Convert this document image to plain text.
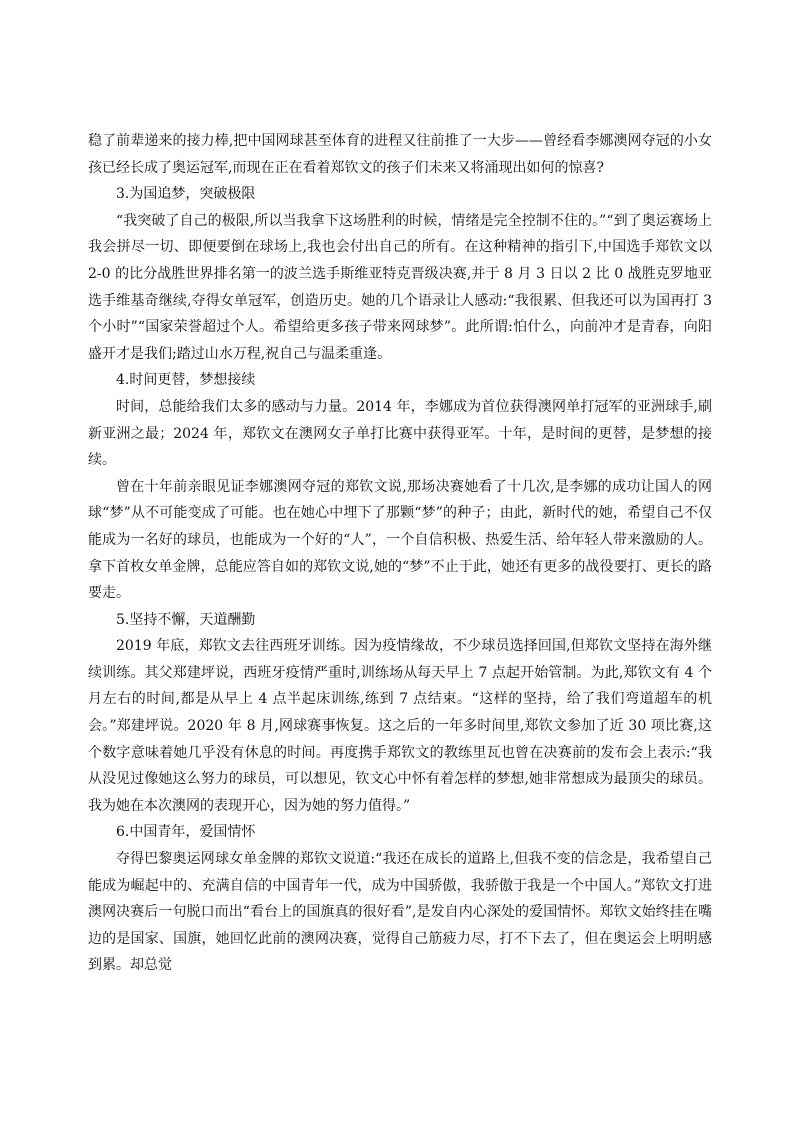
稳了前辈递来的接力棒,把中国网球甚至体育的进程又往前推了一大步——曾经看李娜澳网夺冠的小女孩已经长成了奥运冠军,而现在正在看着郑钦文的孩子们未来又将涌现出如何的惊喜?

3.为国追梦，突破极限

“我突破了自己的极限,所以当我拿下这场胜利的时候，情绪是完全控制不住的。”“到了奥运赛场上我会拼尽一切、即便要倒在球场上,我也会付出自己的所有。在这种精神的指引下,中国选手郑钦文以 2-0 的比分战胜世界排名第一的波兰选手斯维亚特克晋级决赛,并于 8 月 3 日以 2 比 0 战胜克罗地亚选手维基奇继续,夺得女单冠军，创造历史。她的几个语录让人感动:“我很累、但我还可以为国再打 3 个小时”“国家荣誉超过个人。希望给更多孩子带来网球梦”。此所谓:怕什么，向前冲才是青春，向阳盛开才是我们;踏过山水万程,祝自己与温柔重逢。

4.时间更替，梦想接续

时间，总能给我们太多的感动与力量。2014 年，李娜成为首位获得澳网单打冠军的亚洲球手,刷新亚洲之最；2024 年，郑钦文在澳网女子单打比赛中获得亚军。十年，是时间的更替，是梦想的接续。

曾在十年前亲眼见证李娜澳网夺冠的郑钦文说,那场决赛她看了十几次,是李娜的成功让国人的网球“梦”从不可能变成了可能。也在她心中埋下了那颗“梦”的种子；由此，新时代的她，希望自己不仅能成为一名好的球员，也能成为一个好的“人”，一个自信积极、热爱生活、给年轻人带来激励的人。拿下首枚女单金牌，总能应答自如的郑钦文说,她的“梦”不止于此，她还有更多的战役要打、更长的路要走。

5.坚持不懈，天道酬勤

2019 年底，郑钦文去往西班牙训练。因为疫情缘故，不少球员选择回国,但郑钦文坚持在海外继续训练。其父郑建坪说，西班牙疫情严重时,训练场从每天早上 7 点起开始管制。为此,郑钦文有 4 个月左右的时间,都是从早上 4 点半起床训练,练到 7 点结束。“这样的坚持，给了我们弯道超车的机会。”郑建坪说。2020 年 8 月,网球赛事恢复。这之后的一年多时间里,郑钦文参加了近 30 项比赛,这个数字意味着她几乎没有休息的时间。再度携手郑钦文的教练里瓦也曾在决赛前的发布会上表示:“我从没见过像她这么努力的球员，可以想见，钦文心中怀有着怎样的梦想,她非常想成为最顶尖的球员。我为她在本次澳网的表现开心，因为她的努力值得。”

6.中国青年，爱国情怀

夺得巴黎奥运网球女单金牌的郑钦文说道:“我还在成长的道路上,但我不变的信念是，我希望自己能成为崛起中的、充满自信的中国青年一代，成为中国骄傲，我骄傲于我是一个中国人。”郑钦文打进澳网决赛后一句脱口而出“看台上的国旗真的很好看”,是发自内心深处的爱国情怀。郑钦文始终挂在嘴边的是国家、国旗，她回忆此前的澳网决赛，觉得自己筋疲力尽，打不下去了，但在奥运会上明明感到累。却总觉
